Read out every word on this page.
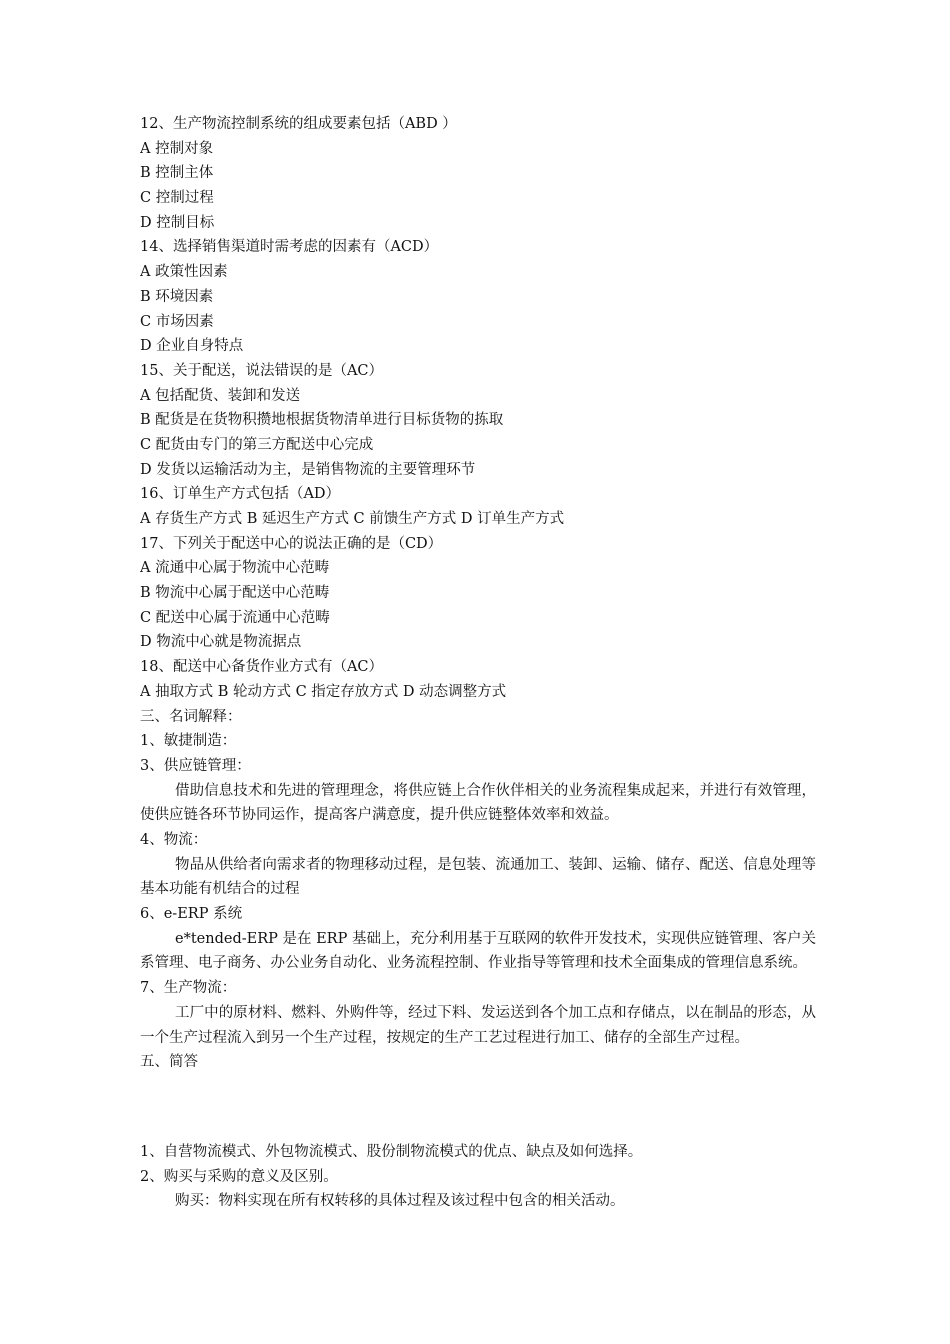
12、生产物流控制系统的组成要素包括（ABD ）
A 控制对象
B 控制主体
C 控制过程
D 控制目标
14、选择销售渠道时需考虑的因素有（ACD）
A 政策性因素
B 环境因素
C 市场因素
D 企业自身特点
15、关于配送，说法错误的是（AC）
A 包括配货、装卸和发送
B 配货是在货物积攒地根据货物清单进行目标货物的拣取
C 配货由专门的第三方配送中心完成
D 发货以运输活动为主，是销售物流的主要管理环节
16、订单生产方式包括（AD）
A 存货生产方式 B 延迟生产方式 C 前馈生产方式 D 订单生产方式
17、下列关于配送中心的说法正确的是（CD）
A 流通中心属于物流中心范畴
B 物流中心属于配送中心范畴
C 配送中心属于流通中心范畴
D 物流中心就是物流据点
18、配送中心备货作业方式有（AC）
A 抽取方式 B 轮动方式 C 指定存放方式 D 动态调整方式
三、名词解释：
1、敏捷制造：
3、供应链管理：
借助信息技术和先进的管理理念，将供应链上合作伙伴相关的业务流程集成起来，并进行有效管理，使供应链各环节协同运作，提高客户满意度，提升供应链整体效率和效益。
4、物流：
物品从供给者向需求者的物理移动过程，是包装、流通加工、装卸、运输、储存、配送、信息处理等基本功能有机结合的过程
6、e-ERP 系统
e*tended-ERP 是在 ERP 基础上，充分利用基于互联网的软件开发技术，实现供应链管理、客户关系管理、电子商务、办公业务自动化、业务流程控制、作业指导等管理和技术全面集成的管理信息系统。
7、生产物流：
工厂中的原材料、燃料、外购件等，经过下料、发运送到各个加工点和存储点，以在制品的形态，从一个生产过程流入到另一个生产过程，按规定的生产工艺过程进行加工、储存的全部生产过程。
五、简答
1、自营物流模式、外包物流模式、股份制物流模式的优点、缺点及如何选择。
2、购买与采购的意义及区别。
购买：物料实现在所有权转移的具体过程及该过程中包含的相关活动。
